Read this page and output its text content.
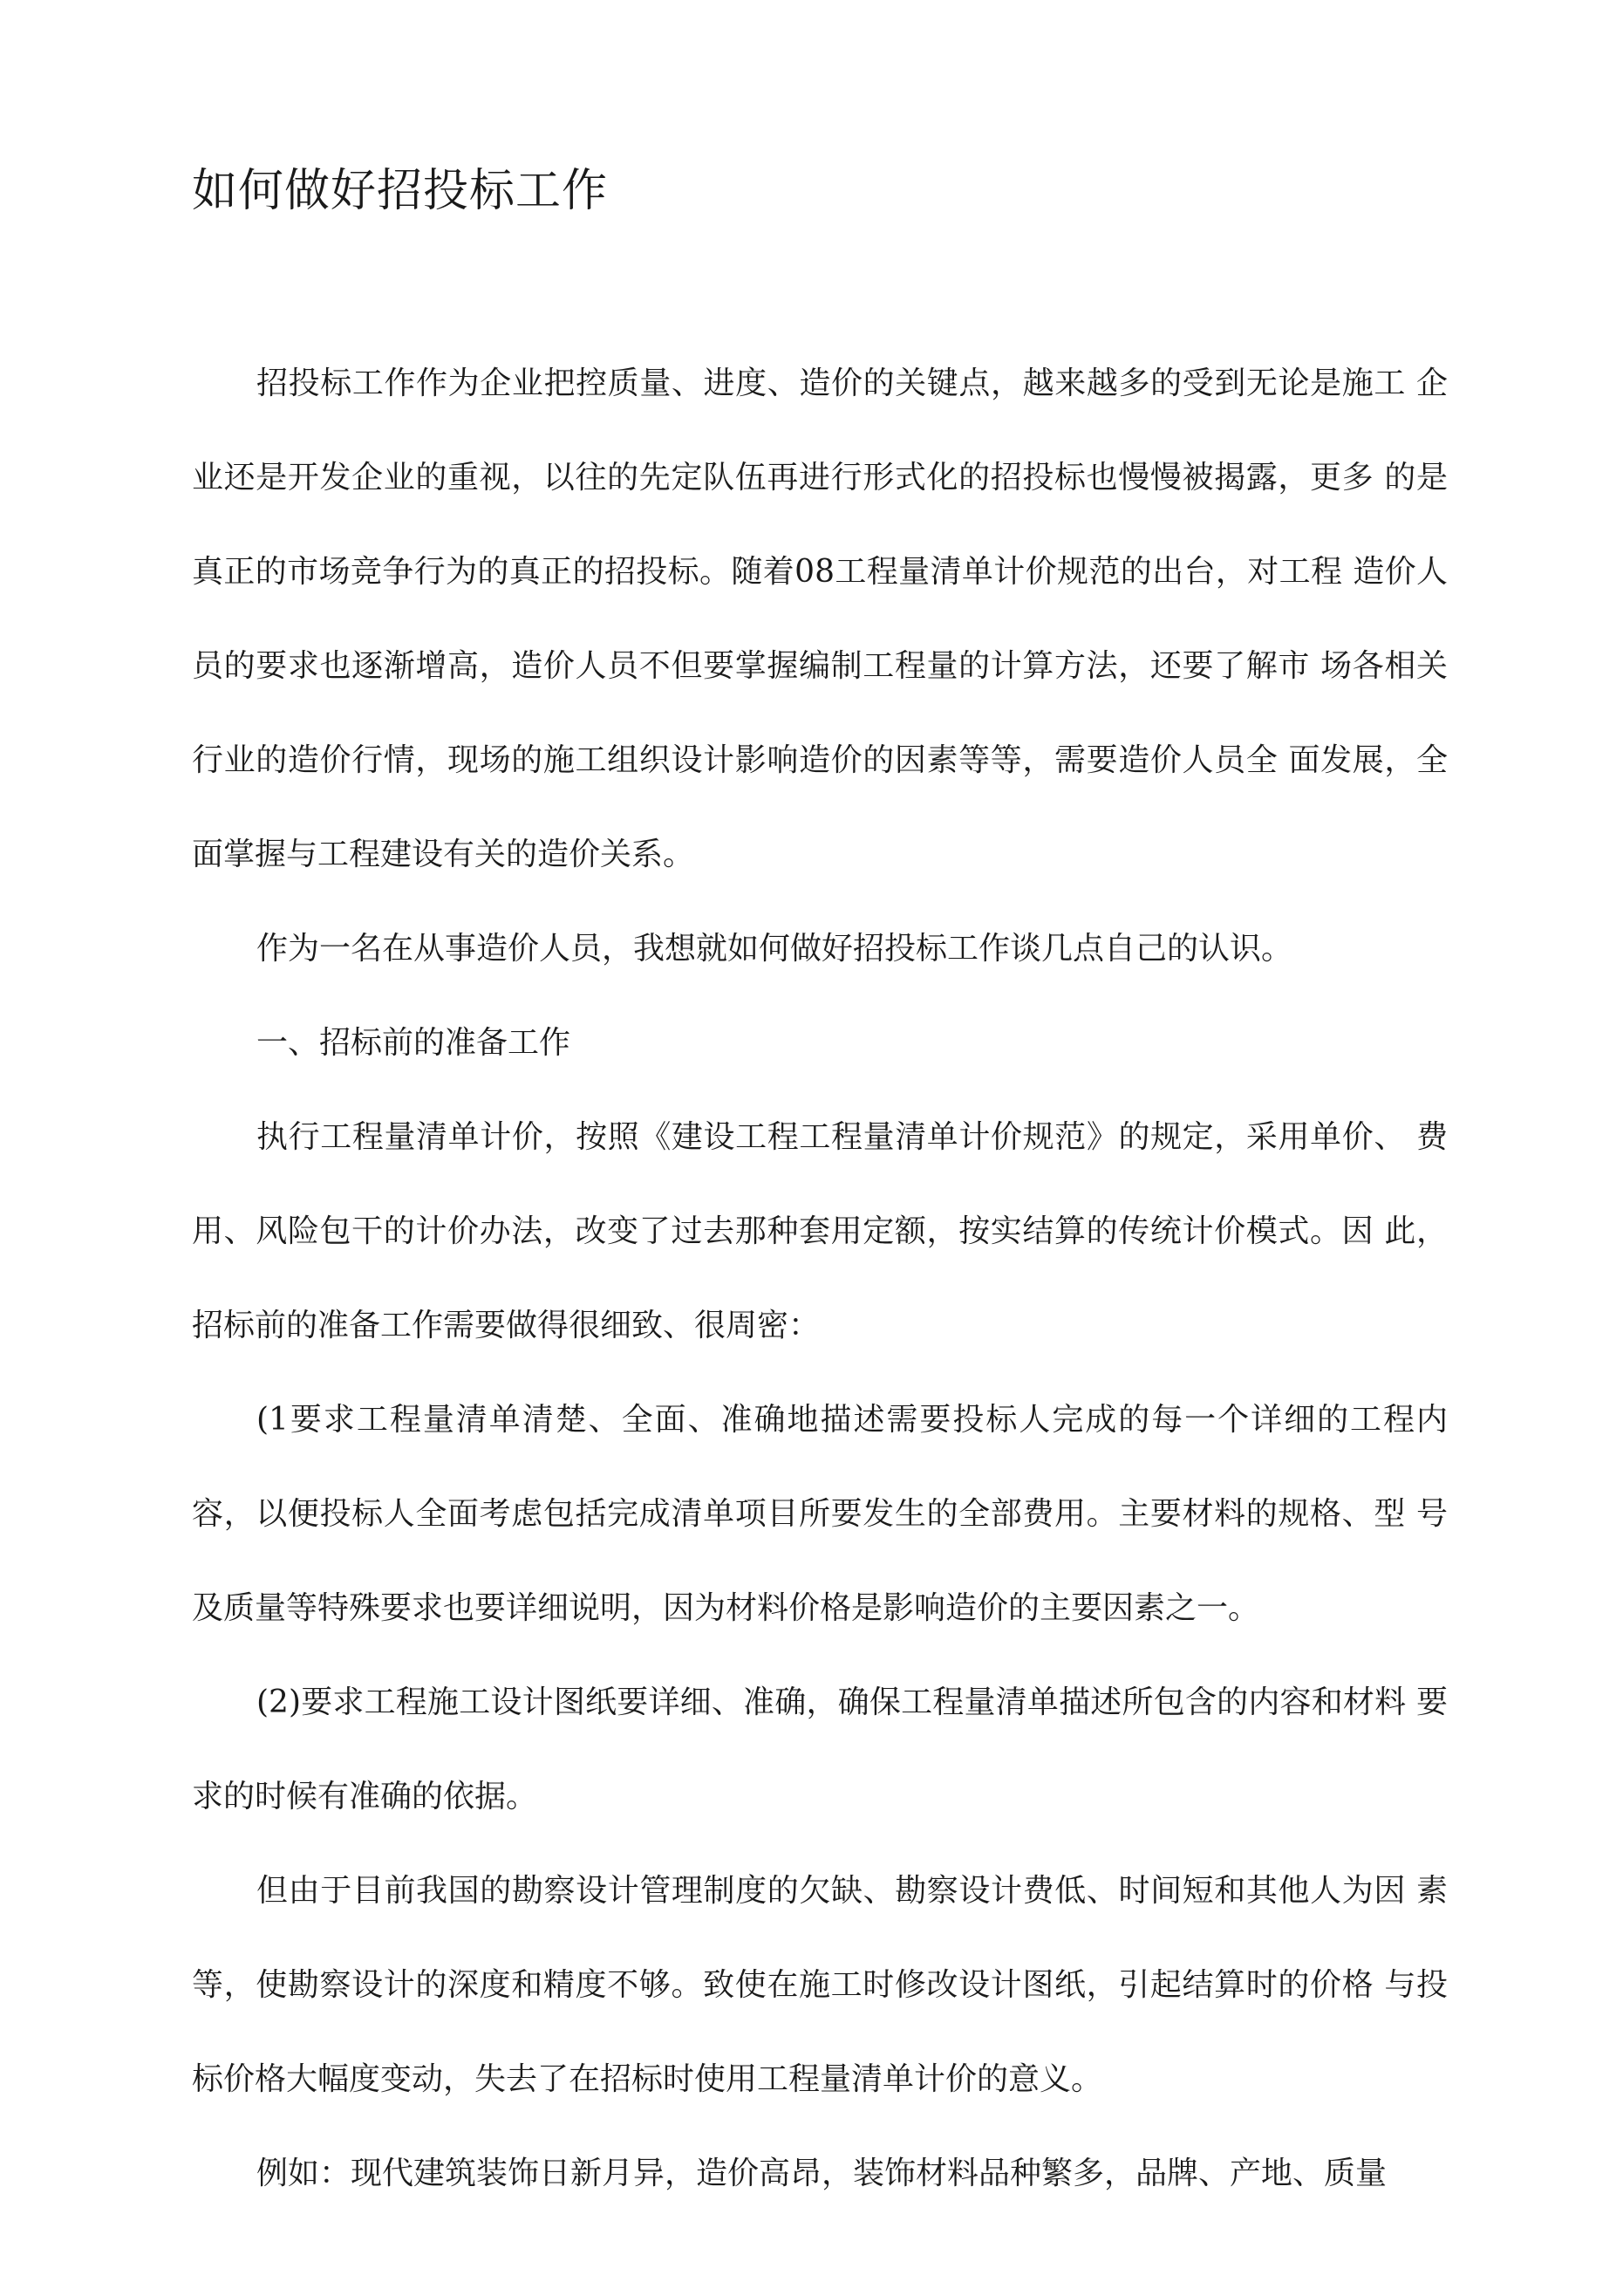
如何做好招投标工作

招投标工作作为企业把控质量、进度、造价的关键点，越来越多的受到无论是施工 企业还是开发企业的重视，以往的先定队伍再进行形式化的招投标也慢慢被揭露，更多 的是真正的市场竞争行为的真正的招投标。随着08工程量清单计价规范的出台，对工程 造价人员的要求也逐渐增高，造价人员不但要掌握编制工程量的计算方法，还要了解市 场各相关行业的造价行情，现场的施工组织设计影响造价的因素等等，需要造价人员全 面发展，全面掌握与工程建设有关的造价关系。

作为一名在从事造价人员，我想就如何做好招投标工作谈几点自己的认识。

一、招标前的准备工作

执行工程量清单计价，按照《建设工程工程量清单计价规范》的规定，采用单价、 费用、风险包干的计价办法，改变了过去那种套用定额，按实结算的传统计价模式。因 此，招标前的准备工作需要做得很细致、很周密：

(1要求工程量清单清楚、全面、准确地描述需要投标人完成的每一个详细的工程内 容，以便投标人全面考虑包括完成清单项目所要发生的全部费用。主要材料的规格、型 号及质量等特殊要求也要详细说明，因为材料价格是影响造价的主要因素之一。

(2)要求工程施工设计图纸要详细、准确，确保工程量清单描述所包含的内容和材料 要求的时候有准确的依据。

但由于目前我国的勘察设计管理制度的欠缺、勘察设计费低、时间短和其他人为因 素等，使勘察设计的深度和精度不够。致使在施工时修改设计图纸，引起结算时的价格 与投标价格大幅度变动，失去了在招标时使用工程量清单计价的意义。

例如：现代建筑装饰日新月异，造价高昂，装饰材料品种繁多，品牌、产地、质量
